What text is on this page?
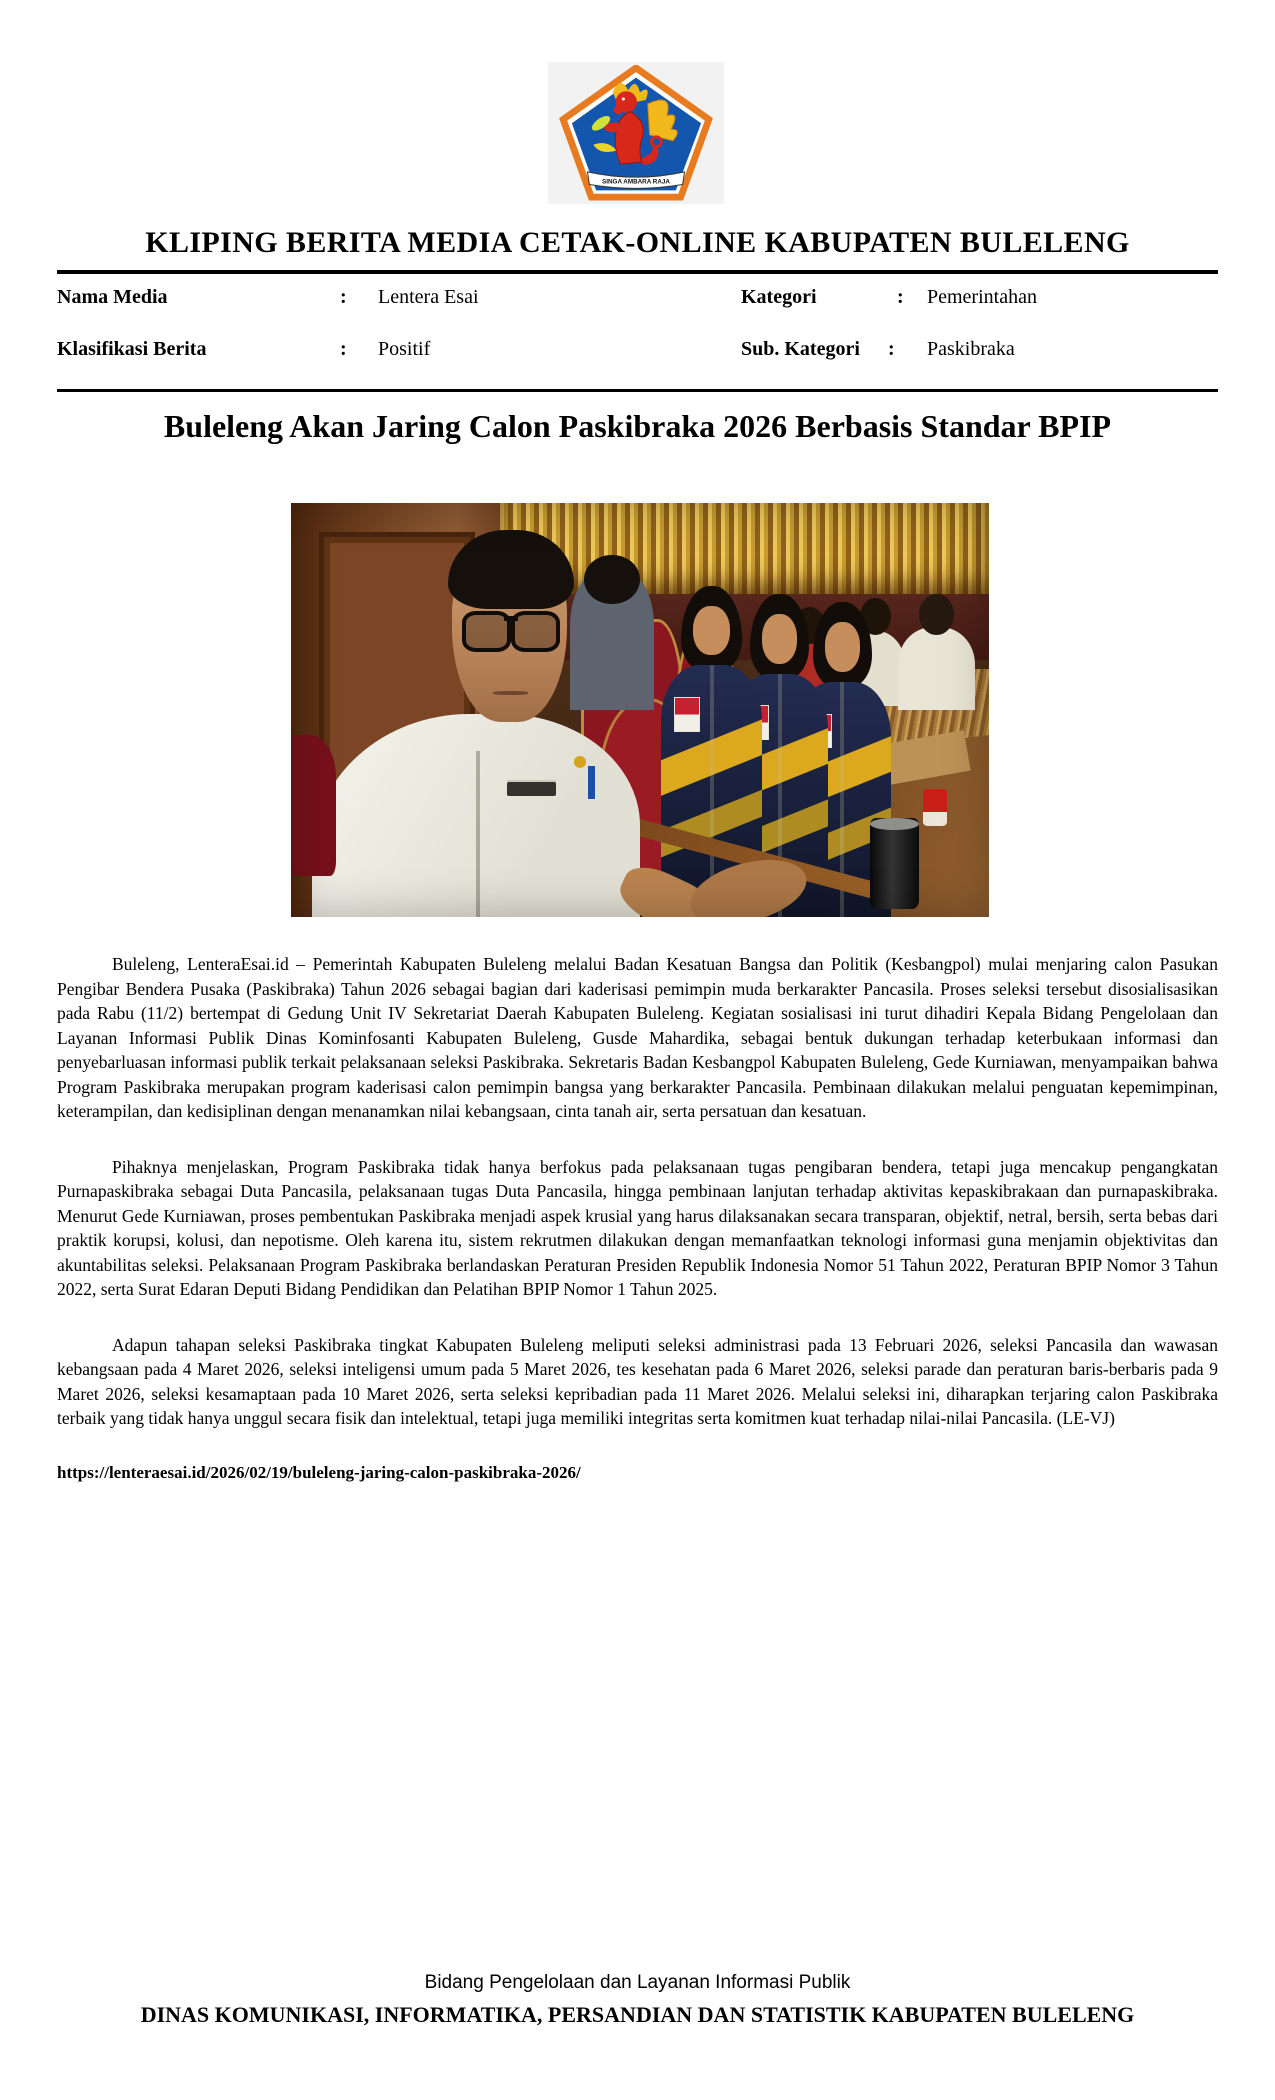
SINGA AMBARA RAJA
KLIPING BERITA MEDIA CETAK-ONLINE KABUPATEN BULELENG
Nama Media	: Lentera Esai
Klasifikasi Berita	: Positif
Kategori	: Pemerintahan
Sub. Kategori : Paskibraka
Buleleng Akan Jaring Calon Paskibraka 2026 Berbasis Standar BPIP

Buleleng, LenteraEsai.id – Pemerintah Kabupaten Buleleng melalui Badan Kesatuan Bangsa dan Politik (Kesbangpol) mulai menjaring calon Pasukan Pengibar Bendera Pusaka (Paskibraka) Tahun 2026 sebagai bagian dari kaderisasi pemimpin muda berkarakter Pancasila. Proses seleksi tersebut disosialisasikan pada Rabu (11/2) bertempat di Gedung Unit IV Sekretariat Daerah Kabupaten Buleleng. Kegiatan sosialisasi ini turut dihadiri Kepala Bidang Pengelolaan dan Layanan Informasi Publik Dinas Kominfosanti Kabupaten Buleleng, Gusde Mahardika, sebagai bentuk dukungan terhadap keterbukaan informasi dan penyebarluasan informasi publik terkait pelaksanaan seleksi Paskibraka. Sekretaris Badan Kesbangpol Kabupaten Buleleng, Gede Kurniawan, menyampaikan bahwa Program Paskibraka merupakan program kaderisasi calon pemimpin bangsa yang berkarakter Pancasila. Pembinaan dilakukan melalui penguatan kepemimpinan, keterampilan, dan kedisiplinan dengan menanamkan nilai kebangsaan, cinta tanah air, serta persatuan dan kesatuan.

Pihaknya menjelaskan, Program Paskibraka tidak hanya berfokus pada pelaksanaan tugas pengibaran bendera, tetapi juga mencakup pengangkatan Purnapaskibraka sebagai Duta Pancasila, pelaksanaan tugas Duta Pancasila, hingga pembinaan lanjutan terhadap aktivitas kepaskibrakaan dan purnapaskibraka. Menurut Gede Kurniawan, proses pembentukan Paskibraka menjadi aspek krusial yang harus dilaksanakan secara transparan, objektif, netral, bersih, serta bebas dari praktik korupsi, kolusi, dan nepotisme. Oleh karena itu, sistem rekrutmen dilakukan dengan memanfaatkan teknologi informasi guna menjamin objektivitas dan akuntabilitas seleksi. Pelaksanaan Program Paskibraka berlandaskan Peraturan Presiden Republik Indonesia Nomor 51 Tahun 2022, Peraturan BPIP Nomor 3 Tahun 2022, serta Surat Edaran Deputi Bidang Pendidikan dan Pelatihan BPIP Nomor 1 Tahun 2025.

Adapun tahapan seleksi Paskibraka tingkat Kabupaten Buleleng meliputi seleksi administrasi pada 13 Februari 2026, seleksi Pancasila dan wawasan kebangsaan pada 4 Maret 2026, seleksi inteligensi umum pada 5 Maret 2026, tes kesehatan pada 6 Maret 2026, seleksi parade dan peraturan baris-berbaris pada 9 Maret 2026, seleksi kesamaptaan pada 10 Maret 2026, serta seleksi kepribadian pada 11 Maret 2026. Melalui seleksi ini, diharapkan terjaring calon Paskibraka terbaik yang tidak hanya unggul secara fisik dan intelektual, tetapi juga memiliki integritas serta komitmen kuat terhadap nilai-nilai Pancasila. (LE-VJ)

https://lenteraesai.id/2026/02/19/buleleng-jaring-calon-paskibraka-2026/
Bidang Pengelolaan dan Layanan Informasi Publik
DINAS KOMUNIKASI, INFORMATIKA, PERSANDIAN DAN STATISTIK KABUPATEN BULELENG
